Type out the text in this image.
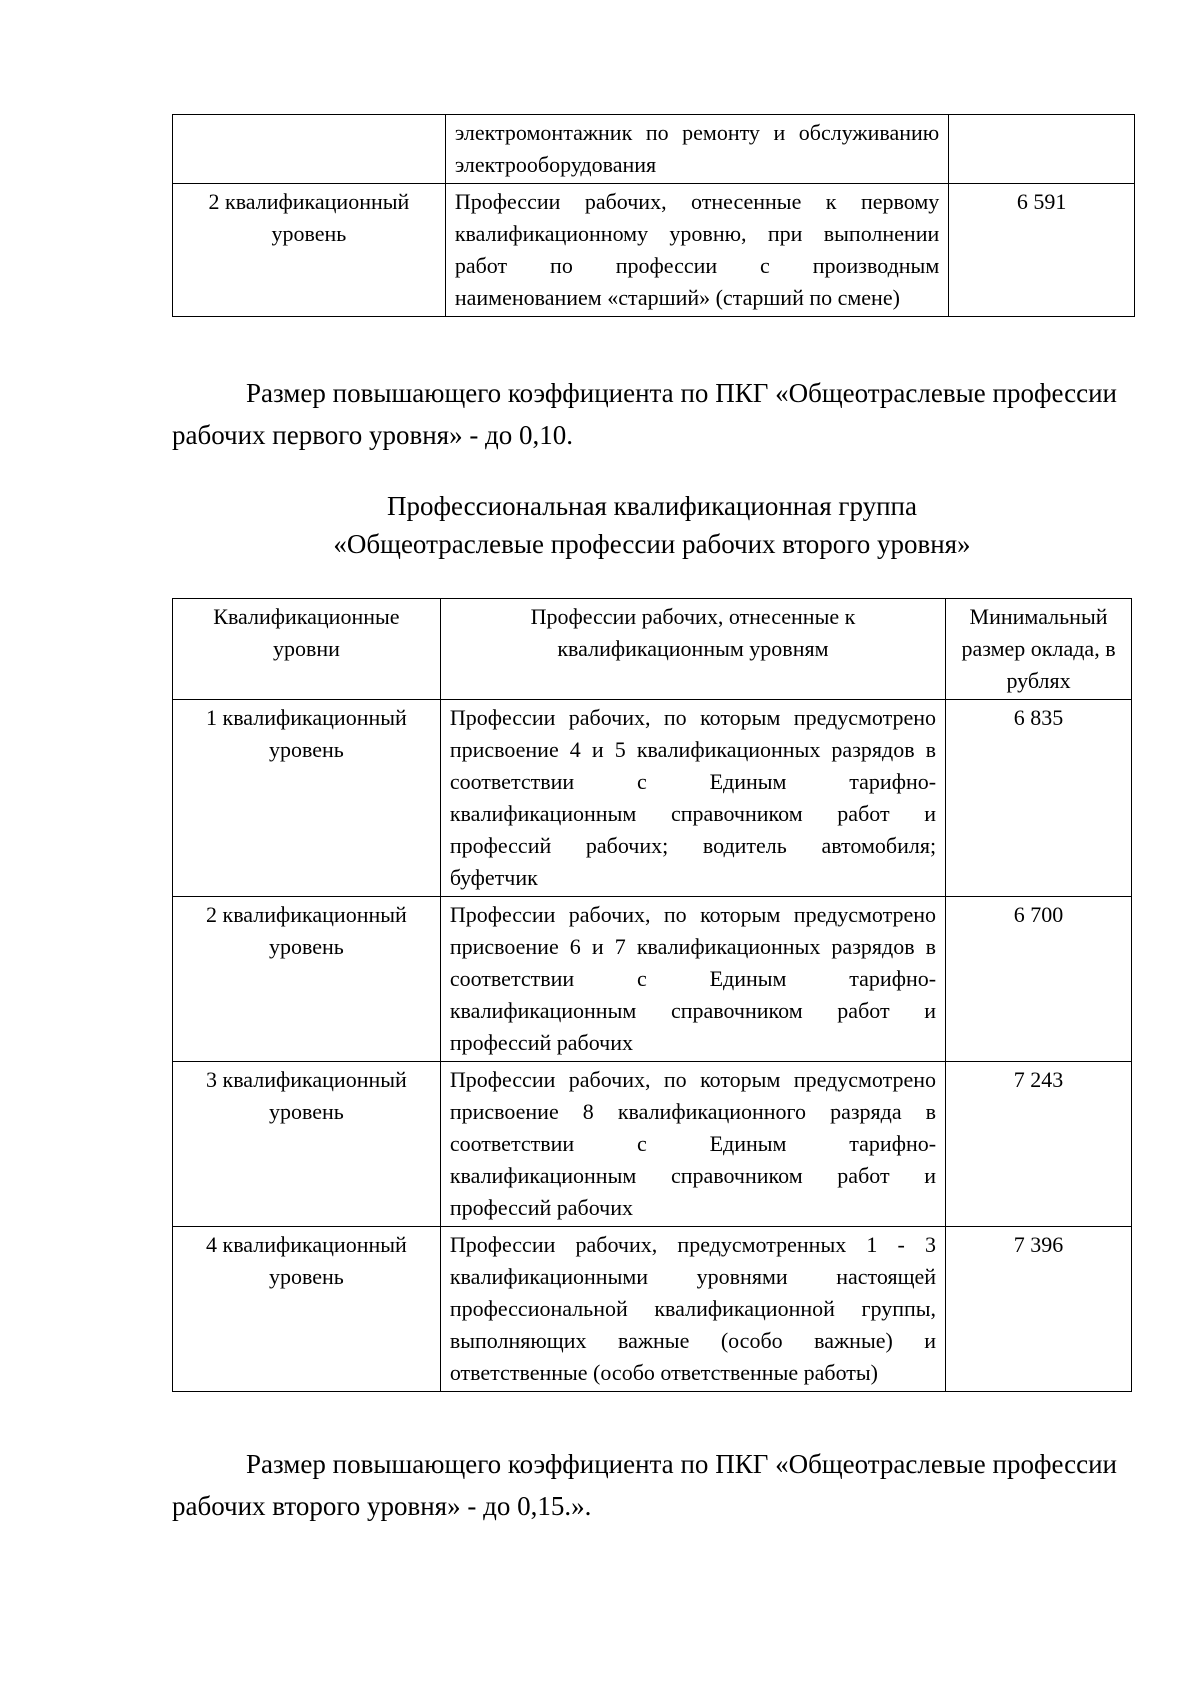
	электромонтажник по ремонту и обслуживанию электрооборудования	
2 квалификационный уровень	Профессии рабочих, отнесенные к первому квалификационному уровню, при выполнении работ по профессии с производным наименованием «старший» (старший по смене)	6 591
Размер повышающего коэффициента по ПКГ «Общеотраслевые профессии рабочих первого уровня» - до 0,10.
Профессиональная квалификационная группа
«Общеотраслевые профессии рабочих второго уровня»
Квалификационные уровни	Профессии рабочих, отнесенные к квалификационным уровням	Минимальный размер оклада, в рублях
1 квалификационный уровень	Профессии рабочих, по которым предусмотрено присвоение 4 и 5 квалификационных разрядов в соответствии с Единым тарифно-квалификационным справочником работ и профессий рабочих; водитель автомобиля; буфетчик	6 835
2 квалификационный уровень	Профессии рабочих, по которым предусмотрено присвоение 6 и 7 квалификационных разрядов в соответствии с Единым тарифно-квалификационным справочником работ и профессий рабочих	6 700
3 квалификационный уровень	Профессии рабочих, по которым предусмотрено присвоение 8 квалификационного разряда в соответствии с Единым тарифно-квалификационным справочником работ и профессий рабочих	7 243
4 квалификационный уровень	Профессии рабочих, предусмотренных 1 - 3 квалификационными уровнями настоящей профессиональной квалификационной группы, выполняющих важные (особо важные) и ответственные (особо ответственные работы)	7 396
Размер повышающего коэффициента по ПКГ «Общеотраслевые профессии рабочих второго уровня» - до 0,15.».
